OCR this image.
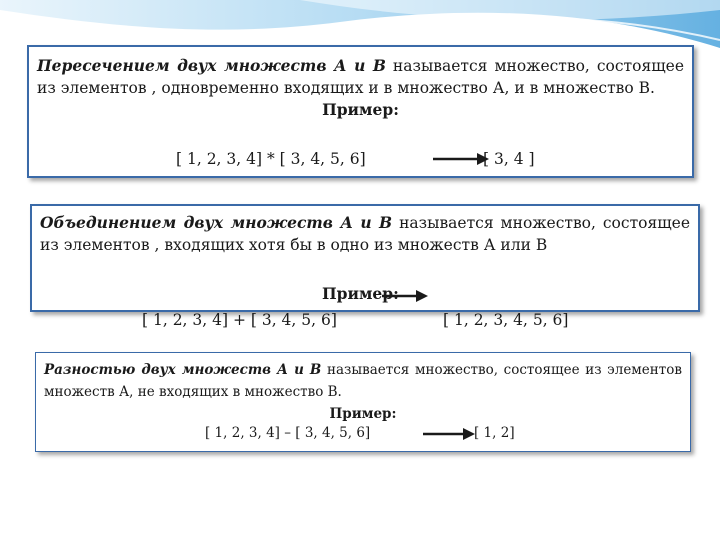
Пересечением двух множеств А и В называется множество, состоящее из элементов , одновременно входящих и в множество А, и в множество В.

Пример:
[ 1, 2, 3, 4] * [ 3, 4, 5, 6]	[ 3, 4 ]

Объединением двух множеств А и В называется множество, состоящее из элементов , входящих хотя бы в одно из множеств А или В

Пример:
[ 1, 2, 3, 4] + [ 3, 4, 5, 6]	[ 1, 2, 3, 4, 5, 6]

Разностью двух множеств А и В называется множество, состоящее из элементов множеств А, не входящих в множество В.

Пример:
[ 1, 2, 3, 4] – [ 3, 4, 5, 6]	[ 1, 2]
